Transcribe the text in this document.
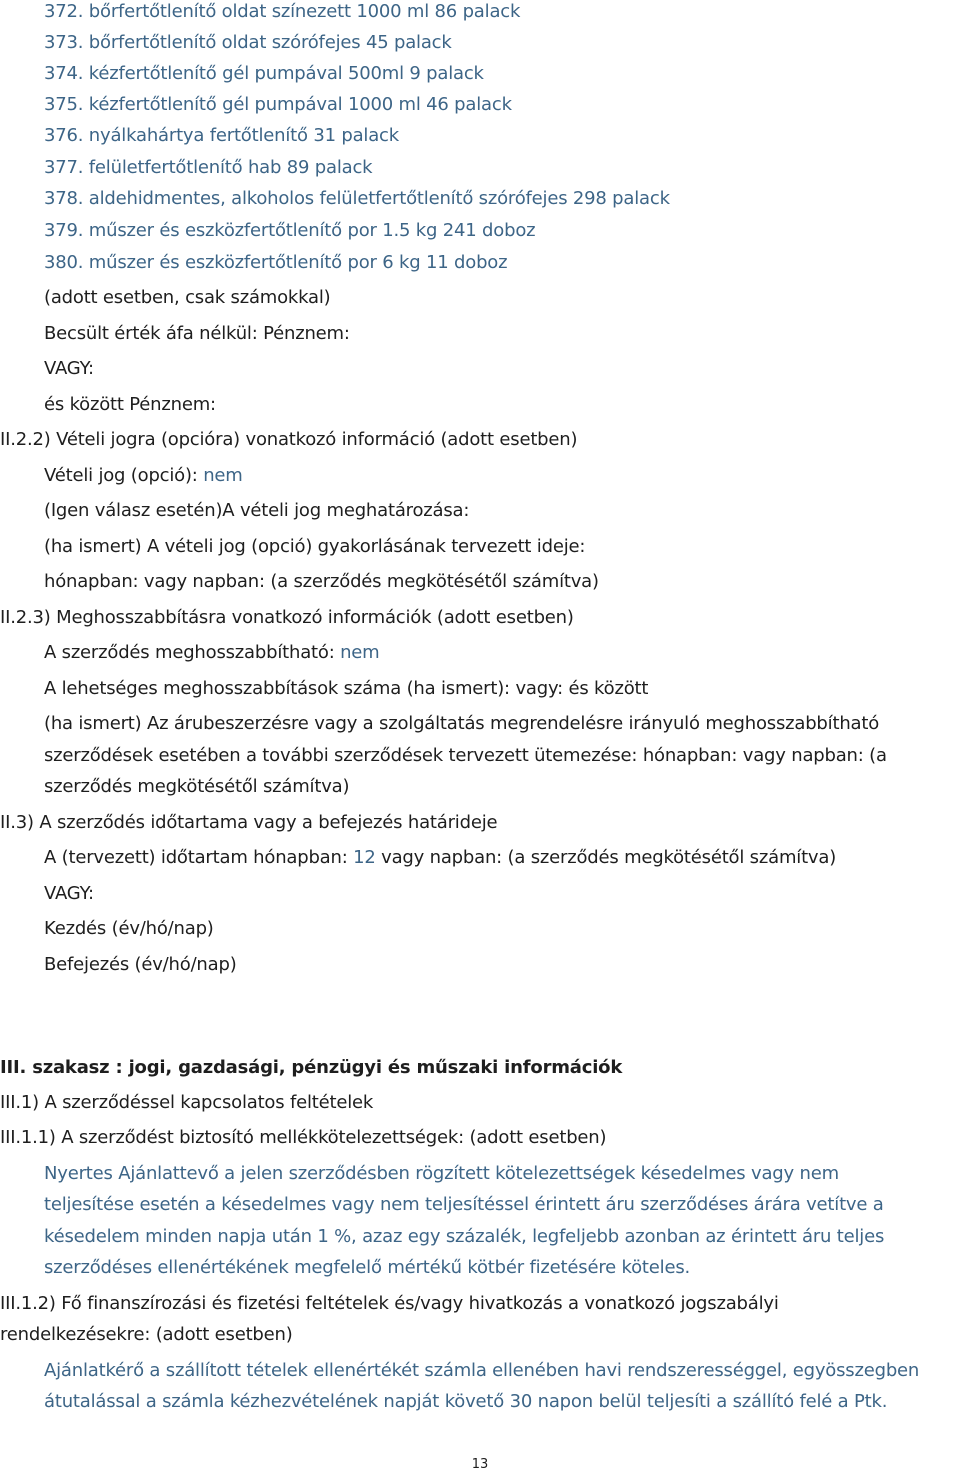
372. bőrfertőtlenítő oldat színezett 1000 ml 86 palack
373. bőrfertőtlenítő oldat szórófejes 45 palack
374. kézfertőtlenítő gél pumpával 500ml 9 palack
375. kézfertőtlenítő gél pumpával 1000 ml 46 palack
376. nyálkahártya fertőtlenítő 31 palack
377. felületfertőtlenítő hab 89 palack
378. aldehidmentes, alkoholos felületfertőtlenítő szórófejes 298 palack
379. műszer és eszközfertőtlenítő por 1.5 kg 241 doboz
380. műszer és eszközfertőtlenítő por 6 kg 11 doboz
(adott esetben, csak számokkal)
Becsült érték áfa nélkül: Pénznem:
VAGY:
és között Pénznem:
II.2.2) Vételi jogra (opcióra) vonatkozó információ (adott esetben)
Vételi jog (opció): nem
(Igen válasz esetén)A vételi jog meghatározása:
(ha ismert) A vételi jog (opció) gyakorlásának tervezett ideje:
hónapban: vagy napban: (a szerződés megkötésétől számítva)
II.2.3) Meghosszabbításra vonatkozó információk (adott esetben)
A szerződés meghosszabbítható: nem
A lehetséges meghosszabbítások száma (ha ismert): vagy: és között
(ha ismert) Az árubeszerzésre vagy a szolgáltatás megrendelésre irányuló meghosszabbítható
szerződések esetében a további szerződések tervezett ütemezése: hónapban: vagy napban: (a
szerződés megkötésétől számítva)
II.3) A szerződés időtartama vagy a befejezés határideje
A (tervezett) időtartam hónapban: 12 vagy napban: (a szerződés megkötésétől számítva)
VAGY:
Kezdés (év/hó/nap)
Befejezés (év/hó/nap)
III. szakasz : jogi, gazdasági, pénzügyi és műszaki információk
III.1) A szerződéssel kapcsolatos feltételek
III.1.1) A szerződést biztosító mellékkötelezettségek: (adott esetben)
Nyertes Ajánlattevő a jelen szerződésben rögzített kötelezettségek késedelmes vagy nem
teljesítése esetén a késedelmes vagy nem teljesítéssel érintett áru szerződéses árára vetítve a
késedelem minden napja után 1 %, azaz egy százalék, legfeljebb azonban az érintett áru teljes
szerződéses ellenértékének megfelelő mértékű kötbér fizetésére köteles.
III.1.2) Fő finanszírozási és fizetési feltételek és/vagy hivatkozás a vonatkozó jogszabályi
rendelkezésekre: (adott esetben)
Ajánlatkérő a szállított tételek ellenértékét számla ellenében havi rendszerességgel, egyösszegben
átutalással a számla kézhezvételének napját követő 30 napon belül teljesíti a szállító felé a Ptk.
13
